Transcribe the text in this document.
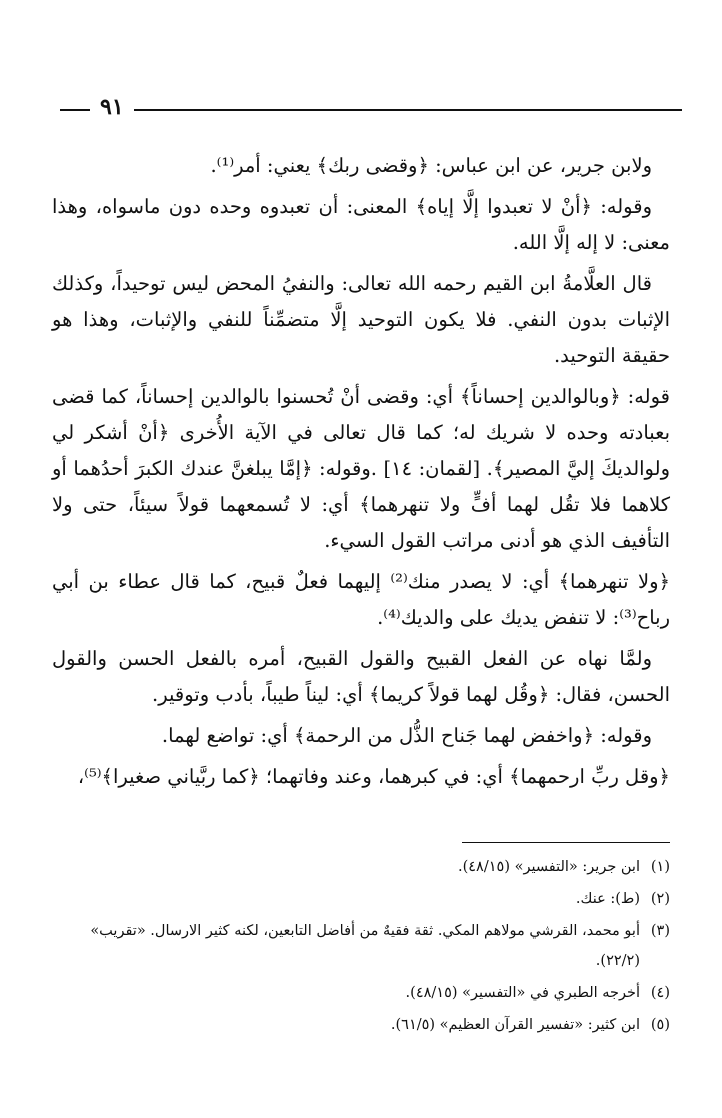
٩١

ولابن جرير، عن ابن عباس: ﴿وقضى ربك﴾ يعني: أمر⁽¹⁾.

وقوله: ﴿أنْ لا تعبدوا إلَّا إياه﴾ المعنى: أن تعبدوه وحده دون ماسواه، وهذا معنى: لا إله إلَّا الله.

قال العلَّامةُ ابن القيم رحمه الله تعالى: والنفيُ المحض ليس توحيداً، وكذلك الإثبات بدون النفي. فلا يكون التوحيد إلَّا متضمِّناً للنفي والإثبات، وهذا هو حقيقة التوحيد.

قوله: ﴿وبالوالدين إحساناً﴾ أي: وقضى أنْ تُحسنوا بالوالدين إحساناً، كما قضى بعبادته وحده لا شريك له؛ كما قال تعالى في الآية الأُخرى ﴿أنْ أشكر لي ولوالديكَ إليَّ المصير﴾. [لقمان: ١٤] .وقوله: ﴿إمَّا يبلغنَّ عندك الكبرَ أحدُهما أو كلاهما فلا تقُل لهما أفٍّ ولا تنهرهما﴾ أي: لا تُسمعهما قولاً سيئاً، حتى ولا التأفيف الذي هو أدنى مراتب القول السيء.

﴿ولا تنهرهما﴾ أي: لا يصدر منك⁽²⁾ إليهما فعلٌ قبيح، كما قال عطاء بن أبي رباح⁽³⁾: لا تنفض يديك على والديك⁽⁴⁾.

ولمَّا نهاه عن الفعل القبيح والقول القبيح، أمره بالفعل الحسن والقول الحسن، فقال: ﴿وقُل لهما قولاً كريما﴾ أي: ليناً طيباً، بأدب وتوقير.

وقوله: ﴿واخفض لهما جَناح الذُّل من الرحمة﴾ أي: تواضع لهما.

﴿وقل ربِّ ارحمهما﴾ أي: في كبرهما، وعند وفاتهما؛ ﴿كما ربَّياني صغيرا﴾⁽⁵⁾،

(١)
ابن جرير: «التفسير» (٤٨/١٥).
(٢)
(ط): عنك.
(٣)
أبو محمد، القرشي مولاهم المكي. ثقة فقيهٌ من أفاضل التابعين، لكنه كثير الارسال. «تقريب» (٢٢/٢).
(٤)
أخرجه الطبري في «التفسير» (٤٨/١٥).
(٥)
ابن كثير: «تفسير القرآن العظيم» (٦١/٥).
